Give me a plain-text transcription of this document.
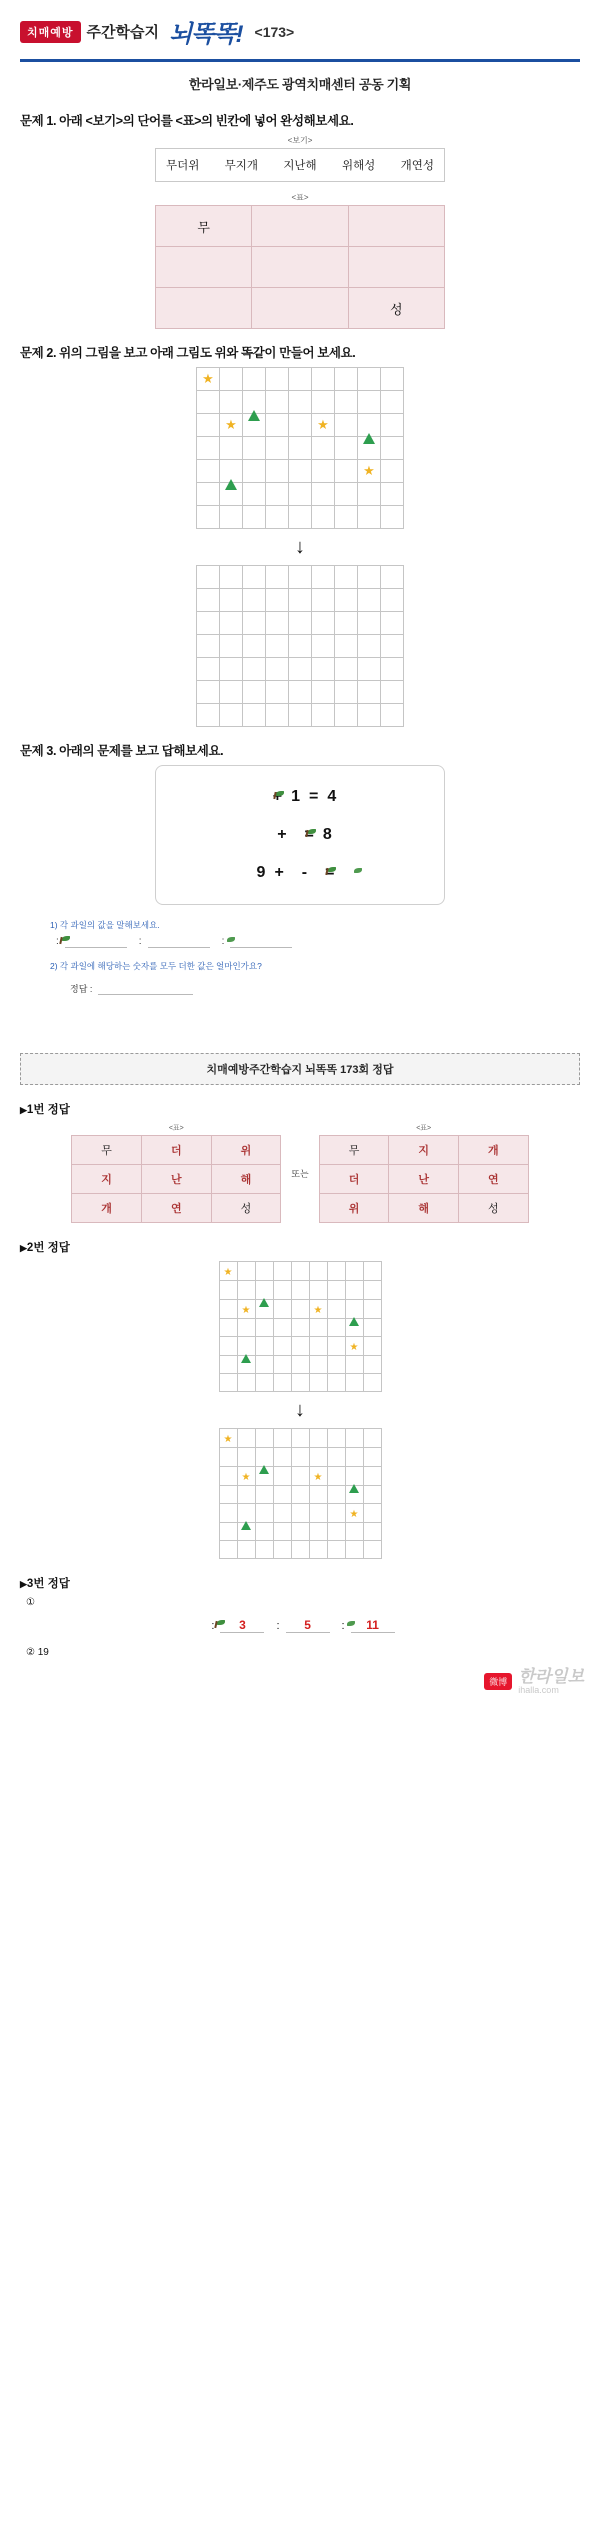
치매예방 주간학습지 뇌똑똑! <173>
한라일보·제주도 광역치매센터 공동 기획
문제 1. 아래 <보기>의 단어를 <표>의 빈칸에 넣어 완성해보세요.
<보기>
무더위 무지개 지난해 위해성 개연성
<표>
무		

		성
문제 2. 위의 그림을 보고 아래 그림도 위와 똑같이 만들어 보세요.
★								

	★				★			

							★	

↓

문제 3. 아래의 문제를 보고 답해보세요.
+ 1 = 4
+ = 8
9 + - =
1) 각 과일의 값을 말해보세요.
:	:	:
2) 각 과일에 해당하는 숫자를 모두 더한 값은 얼마인가요?
정답 :
치매예방주간학습지 뇌똑똑 173회 정답
▶ 1번 정답
<표>
무	더	위
지	난	해
개	연	성
또는
<표>
무	지	개
더	난	연
위	해	성
▶ 2번 정답
★								

	★				★			

							★	

↓
★								

	★				★			

							★	

▶ 3번 정답
①
:	3	:	5	:	11
② 19
微博 한라일보
ihalla.com
